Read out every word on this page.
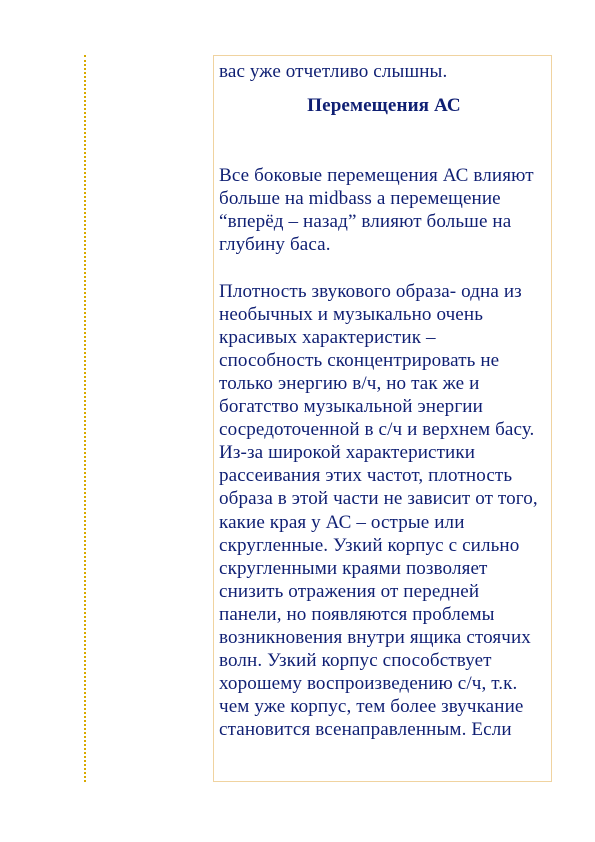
вас уже отчетливо слышны.
Перемещения АС
Все боковые перемещения АС влияют
больше на midbass а перемещение
“вперёд – назад” влияют больше на
глубину баса.
Плотность звукового образа- одна из
необычных и музыкально очень
красивых характеристик –
способность сконцентрировать не
только энергию в/ч, но так же и
богатство музыкальной энергии
сосредоточенной в с/ч и верхнем басу.
Из-за широкой характеристики
рассеивания этих частот, плотность
образа в этой части не зависит от того,
какие края у АС – острые или
скругленные. Узкий корпус с сильно
скругленными краями позволяет
снизить отражения от передней
панели, но появляются проблемы
возникновения внутри ящика стоячих
волн. Узкий корпус способствует
хорошему воспроизведению с/ч, т.к.
чем уже корпус, тем более звучкание
становится всенаправленным. Если
